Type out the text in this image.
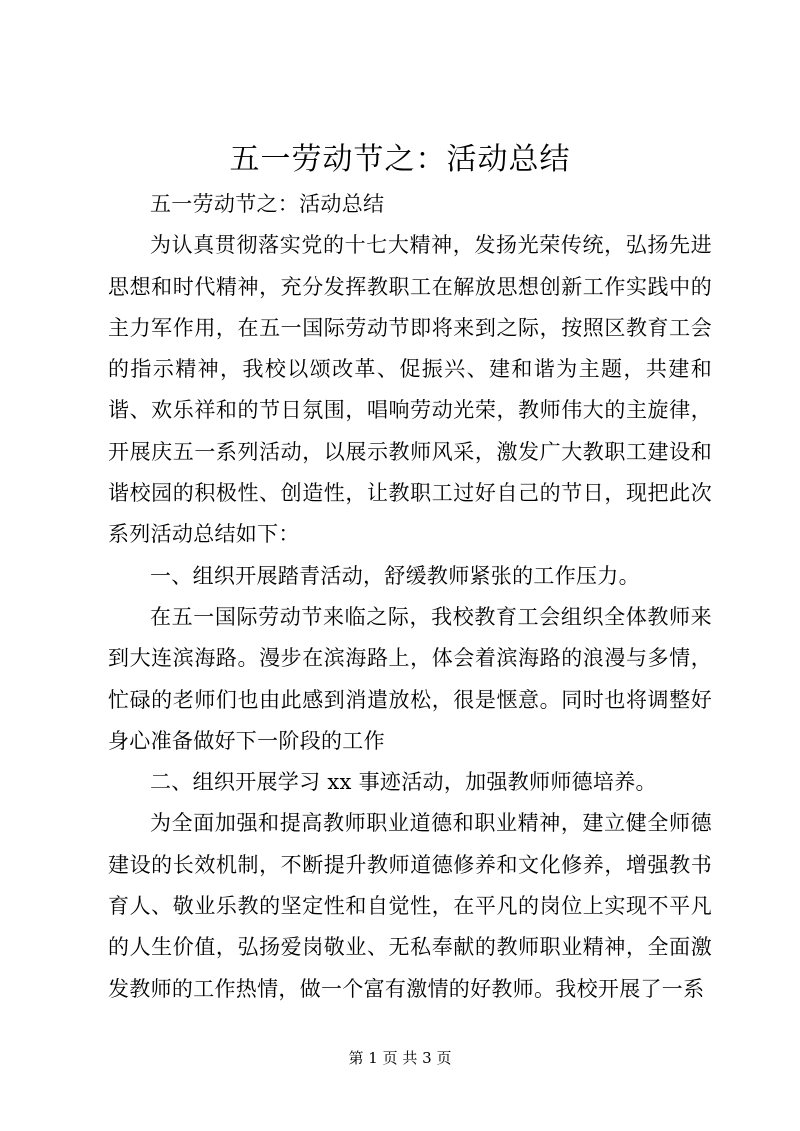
五一劳动节之：活动总结

五一劳动节之：活动总结

为认真贯彻落实党的十七大精神，发扬光荣传统，弘扬先进思想和时代精神，充分发挥教职工在解放思想创新工作实践中的主力军作用，在五一国际劳动节即将来到之际，按照区教育工会的指示精神，我校以颂改革、促振兴、建和谐为主题，共建和谐、欢乐祥和的节日氛围，唱响劳动光荣，教师伟大的主旋律，开展庆五一系列活动，以展示教师风采，激发广大教职工建设和谐校园的积极性、创造性，让教职工过好自己的节日，现把此次系列活动总结如下：

一、组织开展踏青活动，舒缓教师紧张的工作压力。

在五一国际劳动节来临之际，我校教育工会组织全体教师来到大连滨海路。漫步在滨海路上，体会着滨海路的浪漫与多情，忙碌的老师们也由此感到消遣放松，很是惬意。同时也将调整好身心准备做好下一阶段的工作

二、组织开展学习 xx 事迹活动，加强教师师德培养。

为全面加强和提高教师职业道德和职业精神，建立健全师德建设的长效机制，不断提升教师道德修养和文化修养，增强教书育人、敬业乐教的坚定性和自觉性，在平凡的岗位上实现不平凡的人生价值，弘扬爱岗敬业、无私奉献的教师职业精神，全面激发教师的工作热情，做一个富有激情的好教师。我校开展了一系

第 1 页 共 3 页
